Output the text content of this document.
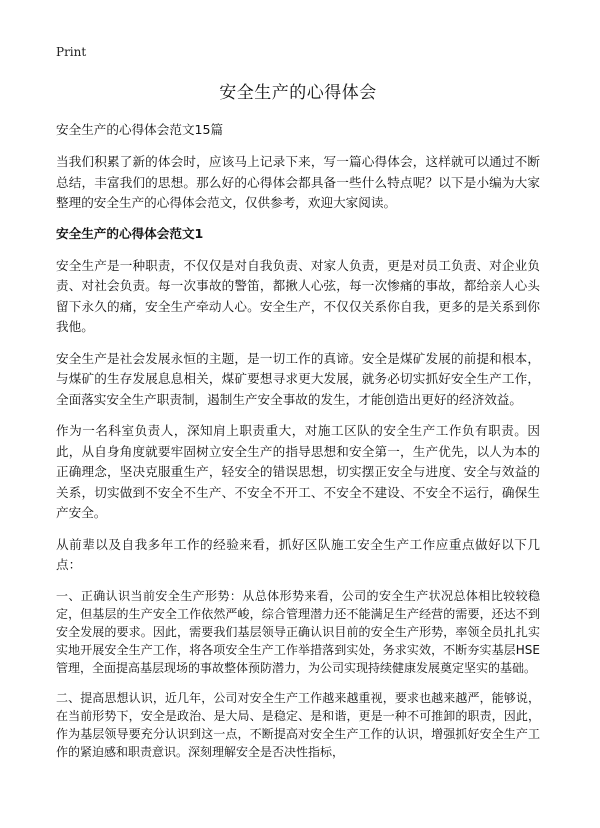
Print
安全生产的心得体会
安全生产的心得体会范文15篇

当我们积累了新的体会时，应该马上记录下来，写一篇心得体会，这样就可以通过不断总结，丰富我们的思想。那么好的心得体会都具备一些什么特点呢？以下是小编为大家整理的安全生产的心得体会范文，仅供参考，欢迎大家阅读。

安全生产的心得体会范文1

安全生产是一种职责，不仅仅是对自我负责、对家人负责，更是对员工负责、对企业负责、对社会负责。每一次事故的警笛，都揪人心弦，每一次惨痛的事故，都给亲人心头留下永久的痛，安全生产牵动人心。安全生产，不仅仅关系你自我，更多的是关系到你我他。

安全生产是社会发展永恒的主题，是一切工作的真谛。安全是煤矿发展的前提和根本，与煤矿的生存发展息息相关，煤矿要想寻求更大发展，就务必切实抓好安全生产工作，全面落实安全生产职责制，遏制生产安全事故的发生，才能创造出更好的经济效益。

作为一名科室负责人，深知肩上职责重大，对施工区队的安全生产工作负有职责。因此，从自身角度就要牢固树立安全生产的指导思想和安全第一，生产优先，以人为本的正确理念，坚决克服重生产，轻安全的错误思想，切实摆正安全与进度、安全与效益的关系，切实做到不安全不生产、不安全不开工、不安全不建设、不安全不运行，确保生产安全。

从前辈以及自我多年工作的经验来看，抓好区队施工安全生产工作应重点做好以下几点：

一、正确认识当前安全生产形势：从总体形势来看，公司的安全生产状况总体相比较较稳定，但基层的生产安全工作依然严峻，综合管理潜力还不能满足生产经营的需要，还达不到安全发展的要求。因此，需要我们基层领导正确认识目前的安全生产形势，率领全员扎扎实实地开展安全生产工作，将各项安全生产工作举措落到实处，务求实效，不断夯实基层HSE管理，全面提高基层现场的事故整体预防潜力，为公司实现持续健康发展奠定坚实的基础。

二、提高思想认识，近几年，公司对安全生产工作越来越重视，要求也越来越严，能够说，在当前形势下，安全是政治、是大局、是稳定、是和谐，更是一种不可推卸的职责，因此，作为基层领导要充分认识到这一点，不断提高对安全生产工作的认识，增强抓好安全生产工作的紧迫感和职责意识。深刻理解安全是否决性指标，
